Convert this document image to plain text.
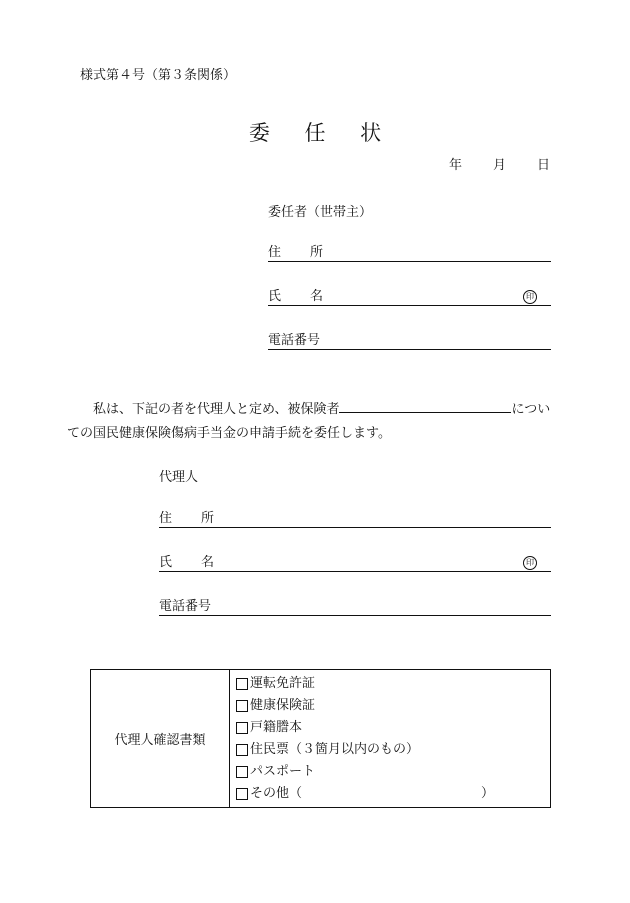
様式第４号（第３条関係）
委 任 状
年	月	日
委任者（世帯主）
住 所
氏 名	印
電話番号
私は、下記の者を代理人と定め、被保険者	につい
ての国民健康保険傷病手当金の申請手続を委任します。
代理人
住 所
氏 名	印
電話番号
代理人確認書類	
運転免許証
健康保険証
戸籍謄本
住民票（３箇月以内のもの）
パスポート
その他（	）
